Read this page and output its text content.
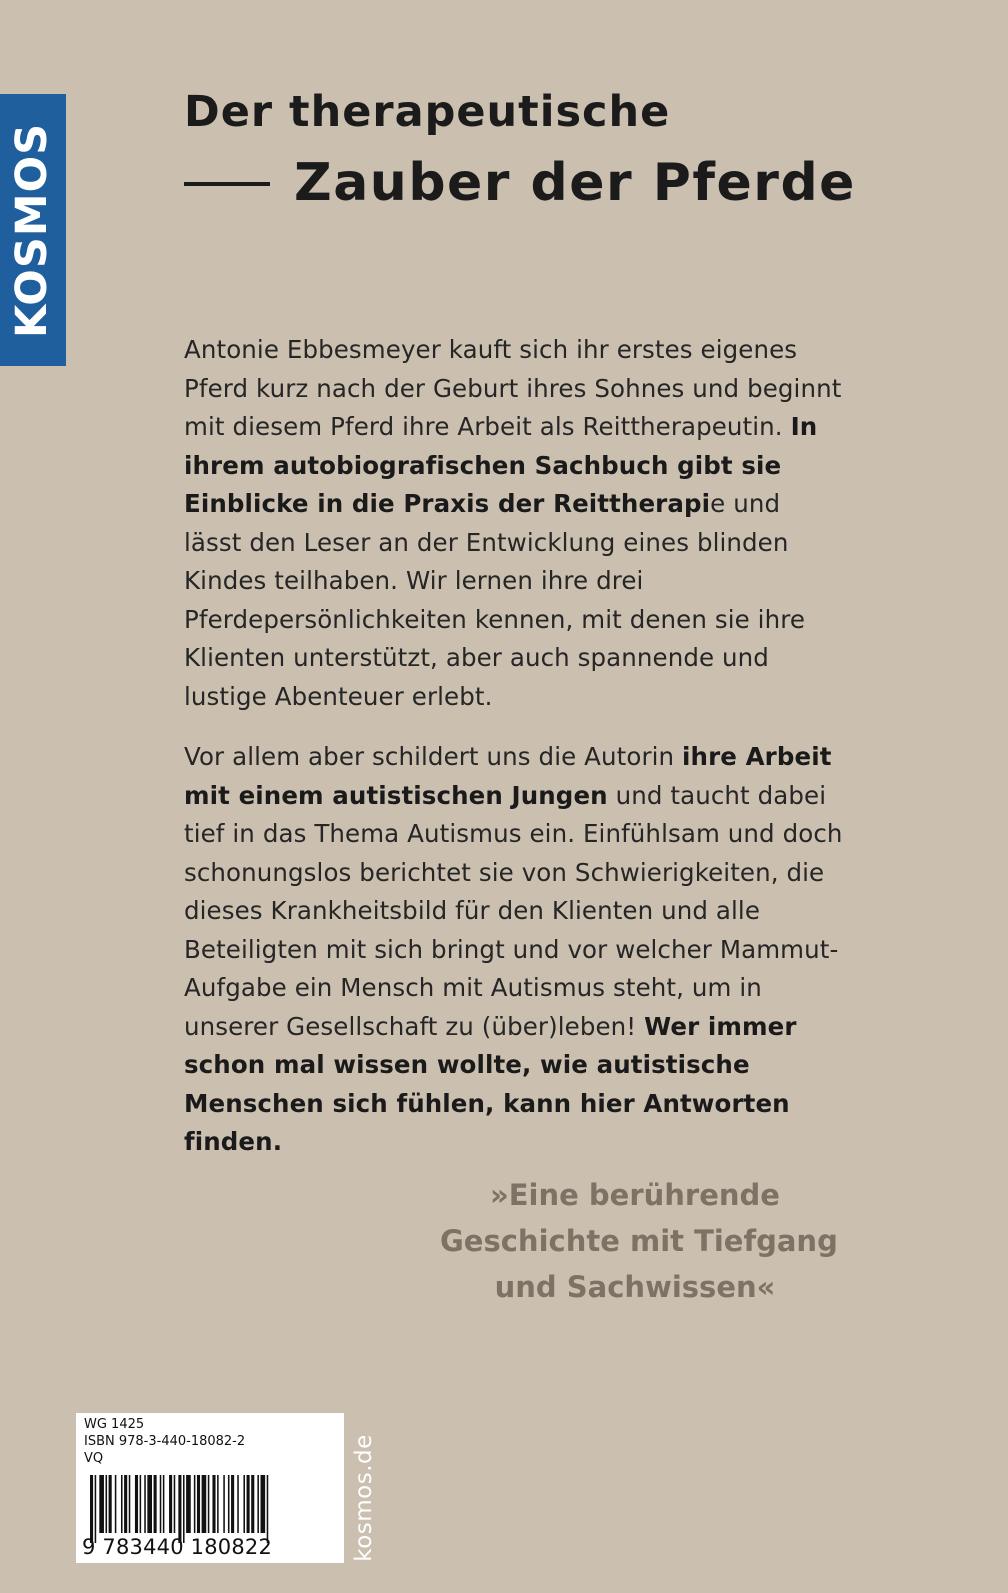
KOSMOS
Der therapeutische
Zauber der Pferde

Antonie Ebbesmeyer kauft sich ihr erstes eigenes Pferd kurz nach der Geburt ihres Sohnes und beginnt mit diesem Pferd ihre Arbeit als Reittherapeutin. In ihrem autobiografischen Sachbuch gibt sie Einblicke in die Praxis der Reittherapie und lässt den Leser an der Entwicklung eines blinden Kindes teilhaben. Wir lernen ihre drei Pferdepersönlichkeiten kennen, mit denen sie ihre Klienten unterstützt, aber auch spannende und lustige Abenteuer erlebt.

Vor allem aber schildert uns die Autorin ihre Arbeit mit einem autistischen Jungen und taucht dabei tief in das Thema Autismus ein. Einfühlsam und doch schonungslos berichtet sie von Schwierigkeiten, die dieses Krankheitsbild für den Klienten und alle Beteiligten mit sich bringt und vor welcher Mammut-Aufgabe ein Mensch mit Autismus steht, um in unserer Gesellschaft zu (über)leben! Wer immer schon mal wissen wollte, wie autistische Menschen sich fühlen, kann hier Antworten finden.

»Eine berührende
Geschichte mit Tiefgang
und Sachwissen«
WG 1425
ISBN 978-3-440-18082-2
VQ
9 783440 180822	kosmos.de
